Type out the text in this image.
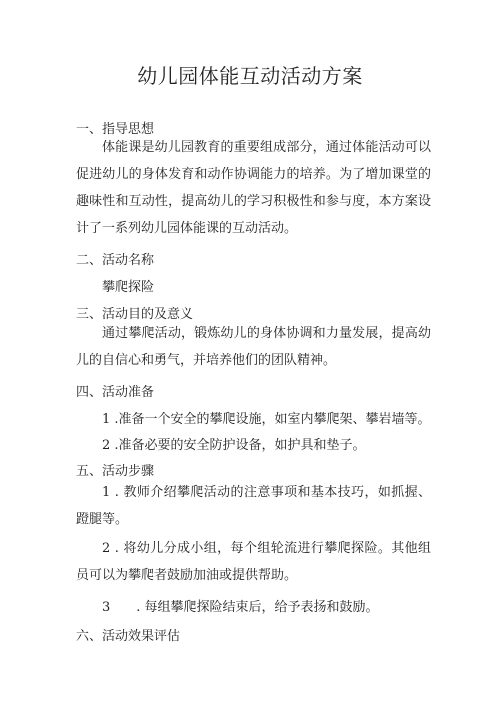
幼儿园体能互动活动方案
一、指导思想
体能课是幼儿园教育的重要组成部分，通过体能活动可以促进幼儿的身体发育和动作协调能力的培养。为了增加课堂的趣味性和互动性，提高幼儿的学习积极性和参与度，本方案设计了一系列幼儿园体能课的互动活动。
二、活动名称
攀爬探险
三、活动目的及意义
通过攀爬活动，锻炼幼儿的身体协调和力量发展，提高幼儿的自信心和勇气，并培养他们的团队精神。
四、活动准备
1 .准备一个安全的攀爬设施，如室内攀爬架、攀岩墙等。
2 .准备必要的安全防护设备，如护具和垫子。
五、活动步骤
1 . 教师介绍攀爬活动的注意事项和基本技巧，如抓握、蹬腿等。
2 . 将幼儿分成小组，每个组轮流进行攀爬探险。其他组员可以为攀爬者鼓励加油或提供帮助。
3　　. 每组攀爬探险结束后，给予表扬和鼓励。
六、活动效果评估
